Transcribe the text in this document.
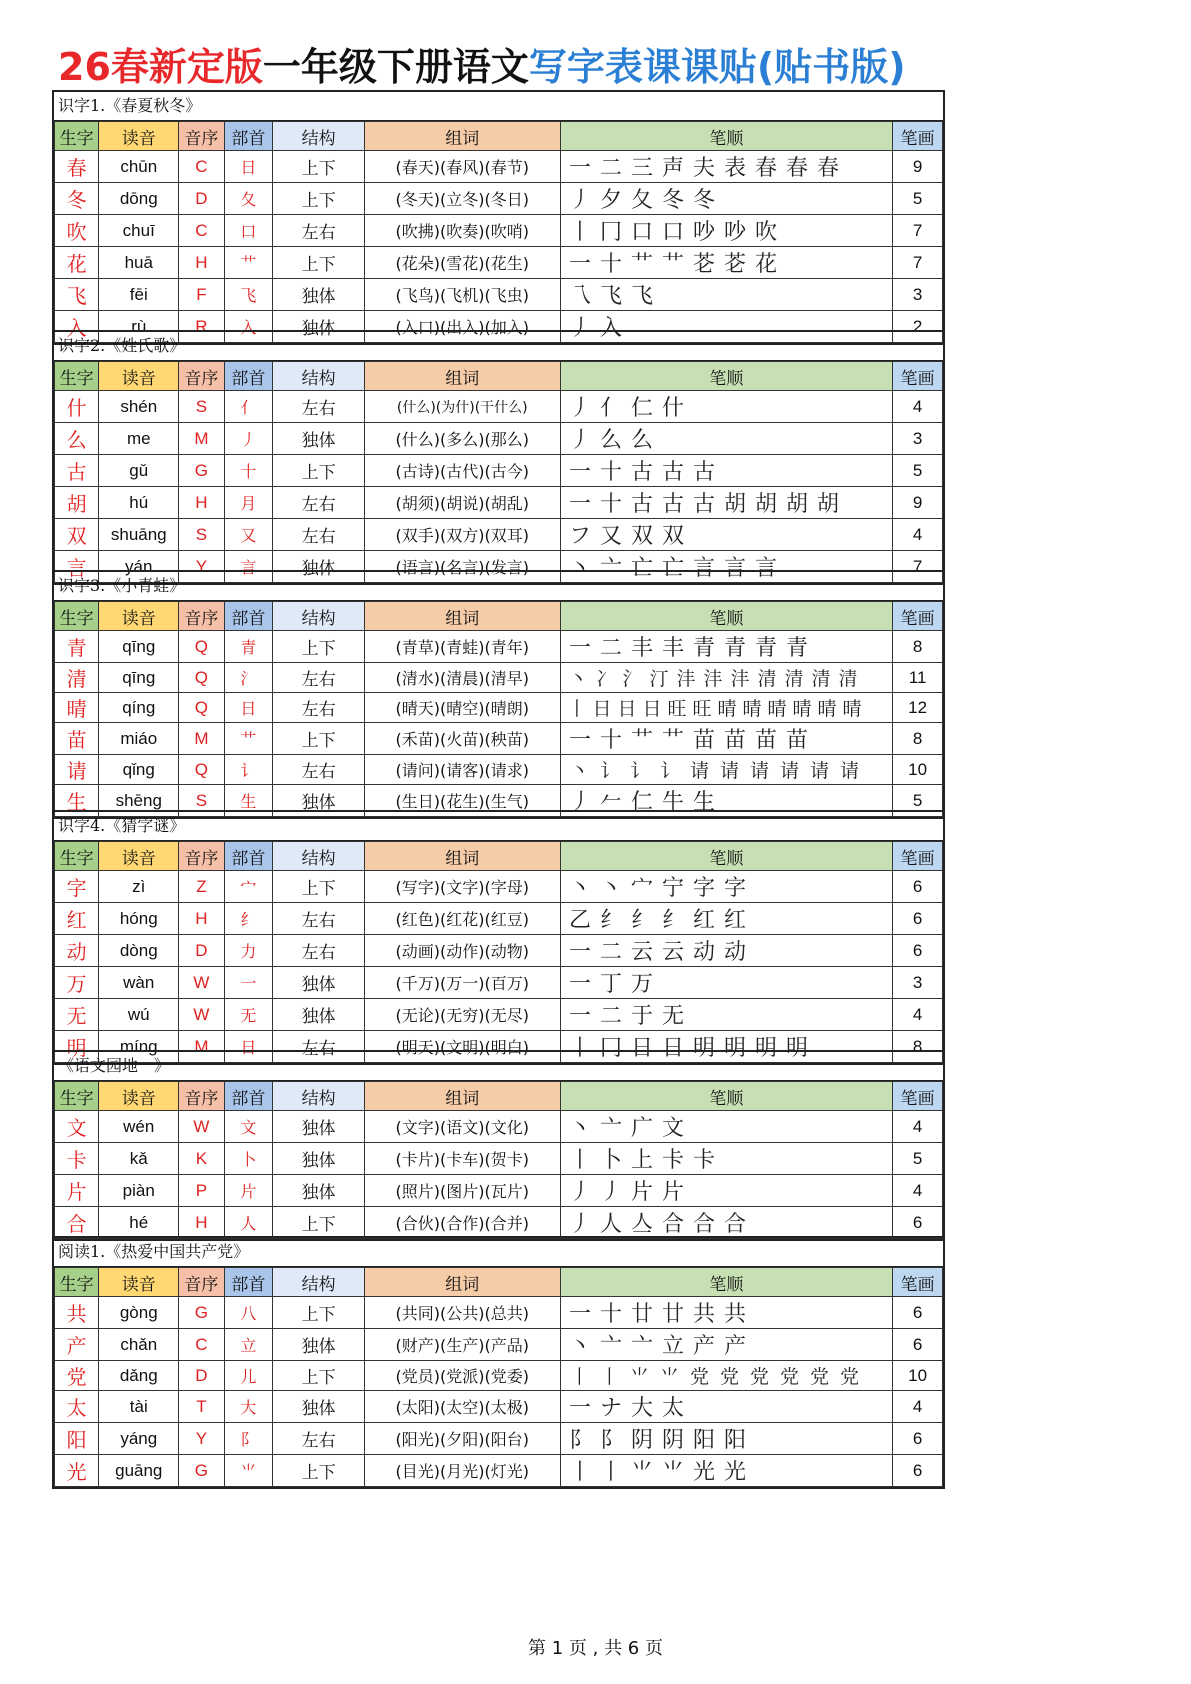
26春新定版一年级下册语文写字表课课贴(贴书版)
识字1.《春夏秋冬》
生字	读音	音序	部首	结构	组词	笔顺	笔画
春	chūn	C	日	上下	(春天)(春风)(春节)	一 二 三 声 夫 表 春 春 春	9
冬	dōng	D	夂	上下	(冬天)(立冬)(冬日)	丿 夕 夂 冬 冬	5
吹	chuī	C	口	左右	(吹拂)(吹奏)(吹哨)	丨 冂 口 口 吵 吵 吹	7
花	huā	H	艹	上下	(花朵)(雪花)(花生)	一 十 艹 艹 芲 芲 花	7
飞	fēi	F	飞	独体	(飞鸟)(飞机)(飞虫)	乁 飞 飞	3
入	rù	R	入	独体	(入口)(出入)(加入)	丿 入	2
识字2.《姓氏歌》
生字	读音	音序	部首	结构	组词	笔顺	笔画
什	shén	S	亻	左右	(什么)(为什)(干什么)	丿 亻 仁 什	4
么	me	M	丿	独体	(什么)(多么)(那么)	丿 么 么	3
古	gǔ	G	十	上下	(古诗)(古代)(古今)	一 十 古 古 古	5
胡	hú	H	月	左右	(胡须)(胡说)(胡乱)	一 十 古 古 古 胡 胡 胡 胡	9
双	shuāng	S	又	左右	(双手)(双方)(双耳)	フ 又 双 双	4
言	yán	Y	言	独体	(语言)(名言)(发言)	丶 亠 亡 亡 言 言 言	7
识字3.《小青蛙》
生字	读音	音序	部首	结构	组词	笔顺	笔画
青	qīng	Q	青	上下	(青草)(青蛙)(青年)	一 二 丰 丰 青 青 青 青	8
清	qīng	Q	氵	左右	(清水)(清晨)(清早)	丶 冫 氵 汀 沣 沣 沣 清 清 清 清	11
晴	qíng	Q	日	左右	(晴天)(晴空)(晴朗)	丨 日 日 日 旺 旺 晴 晴 晴 晴 晴 晴	12
苗	miáo	M	艹	上下	(禾苗)(火苗)(秧苗)	一 十 艹 艹 苗 苗 苗 苗	8
请	qǐng	Q	讠	左右	(请问)(请客)(请求)	丶 讠 讠 讠 请 请 请 请 请 请	10
生	shēng	S	生	独体	(生日)(花生)(生气)	丿 𠂉 仁 牛 生	5
识字4.《猜字谜》
生字	读音	音序	部首	结构	组词	笔顺	笔画
字	zì	Z	宀	上下	(写字)(文字)(字母)	丶 丶 宀 宁 字 字	6
红	hóng	H	纟	左右	(红色)(红花)(红豆)	乙 纟 纟 纟 红 红	6
动	dòng	D	力	左右	(动画)(动作)(动物)	一 二 云 云 动 动	6
万	wàn	W	一	独体	(千万)(万一)(百万)	一 丁 万	3
无	wú	W	无	独体	(无论)(无穷)(无尽)	一 二 于 无	4
明	míng	M	日	左右	(明天)(文明)(明白)	丨 冂 日 日 明 明 明 明	8
《语文园地一》
生字	读音	音序	部首	结构	组词	笔顺	笔画
文	wén	W	文	独体	(文字)(语文)(文化)	丶 亠 广 文	4
卡	kǎ	K	卜	独体	(卡片)(卡车)(贺卡)	丨 卜 上 卡 卡	5
片	piàn	P	片	独体	(照片)(图片)(瓦片)	丿 丿 片 片	4
合	hé	H	人	上下	(合伙)(合作)(合并)	丿 人 亼 合 合 合	6
阅读1.《热爱中国共产党》
生字	读音	音序	部首	结构	组词	笔顺	笔画
共	gòng	G	八	上下	(共同)(公共)(总共)	一 十 廿 廿 共 共	6
产	chǎn	C	立	独体	(财产)(生产)(产品)	丶 亠 亠 立 产 产	6
党	dǎng	D	儿	上下	(党员)(党派)(党委)	丨 丨 ⺌ ⺌ 党 党 党 党 党 党	10
太	tài	T	大	独体	(太阳)(太空)(太极)	一 ナ 大 太	4
阳	yáng	Y	阝	左右	(阳光)(夕阳)(阳台)	阝 阝 阴 阴 阳 阳	6
光	guāng	G	⺌	上下	(目光)(月光)(灯光)	丨 丨 ⺌ ⺌ 光 光	6
第 1 页 , 共 6 页
